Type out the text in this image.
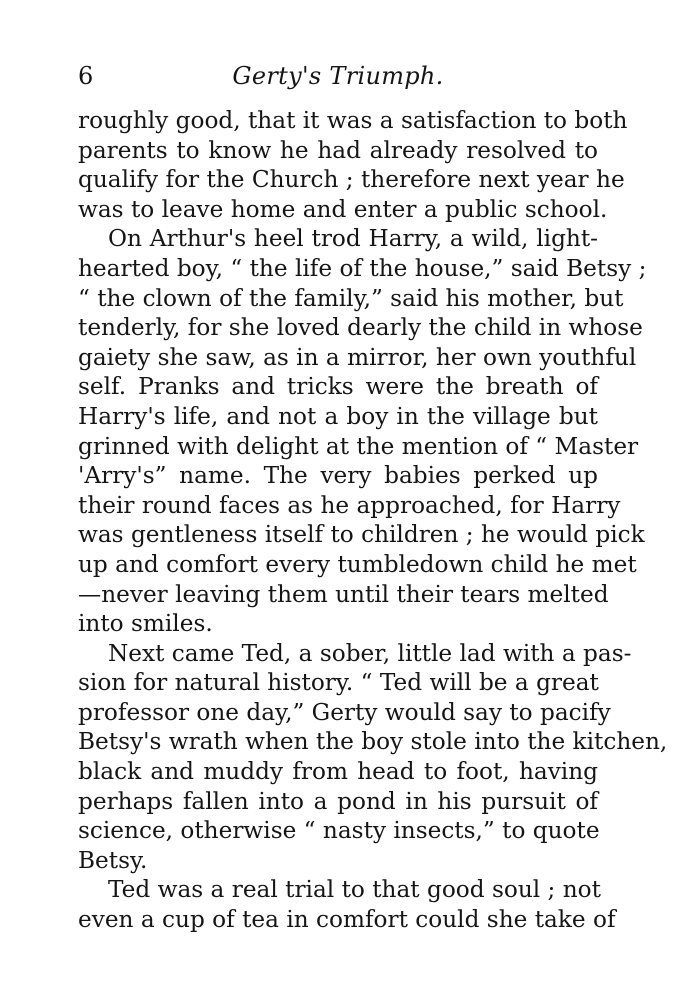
6	Gerty's Triumph.
roughly good, that it was a satisfaction to both
parents to know he had already resolved to
qualify for the Church ; therefore next year he
was to leave home and enter a public school.
On Arthur's heel trod Harry, a wild, light-
hearted boy, “ the life of the house,” said Betsy ;
“ the clown of the family,” said his mother, but
tenderly, for she loved dearly the child in whose
gaiety she saw, as in a mirror, her own youthful
self. Pranks and tricks were the breath of
Harry's life, and not a boy in the village but
grinned with delight at the mention of “ Master
'Arry's” name. The very babies perked up
their round faces as he approached, for Harry
was gentleness itself to children ; he would pick
up and comfort every tumbledown child he met
—never leaving them until their tears melted
into smiles.
Next came Ted, a sober, little lad with a pas-
sion for natural history. “ Ted will be a great
professor one day,” Gerty would say to pacify
Betsy's wrath when the boy stole into the kitchen,
black and muddy from head to foot, having
perhaps fallen into a pond in his pursuit of
science, otherwise “ nasty insects,” to quote
Betsy.
Ted was a real trial to that good soul ; not
even a cup of tea in comfort could she take of
